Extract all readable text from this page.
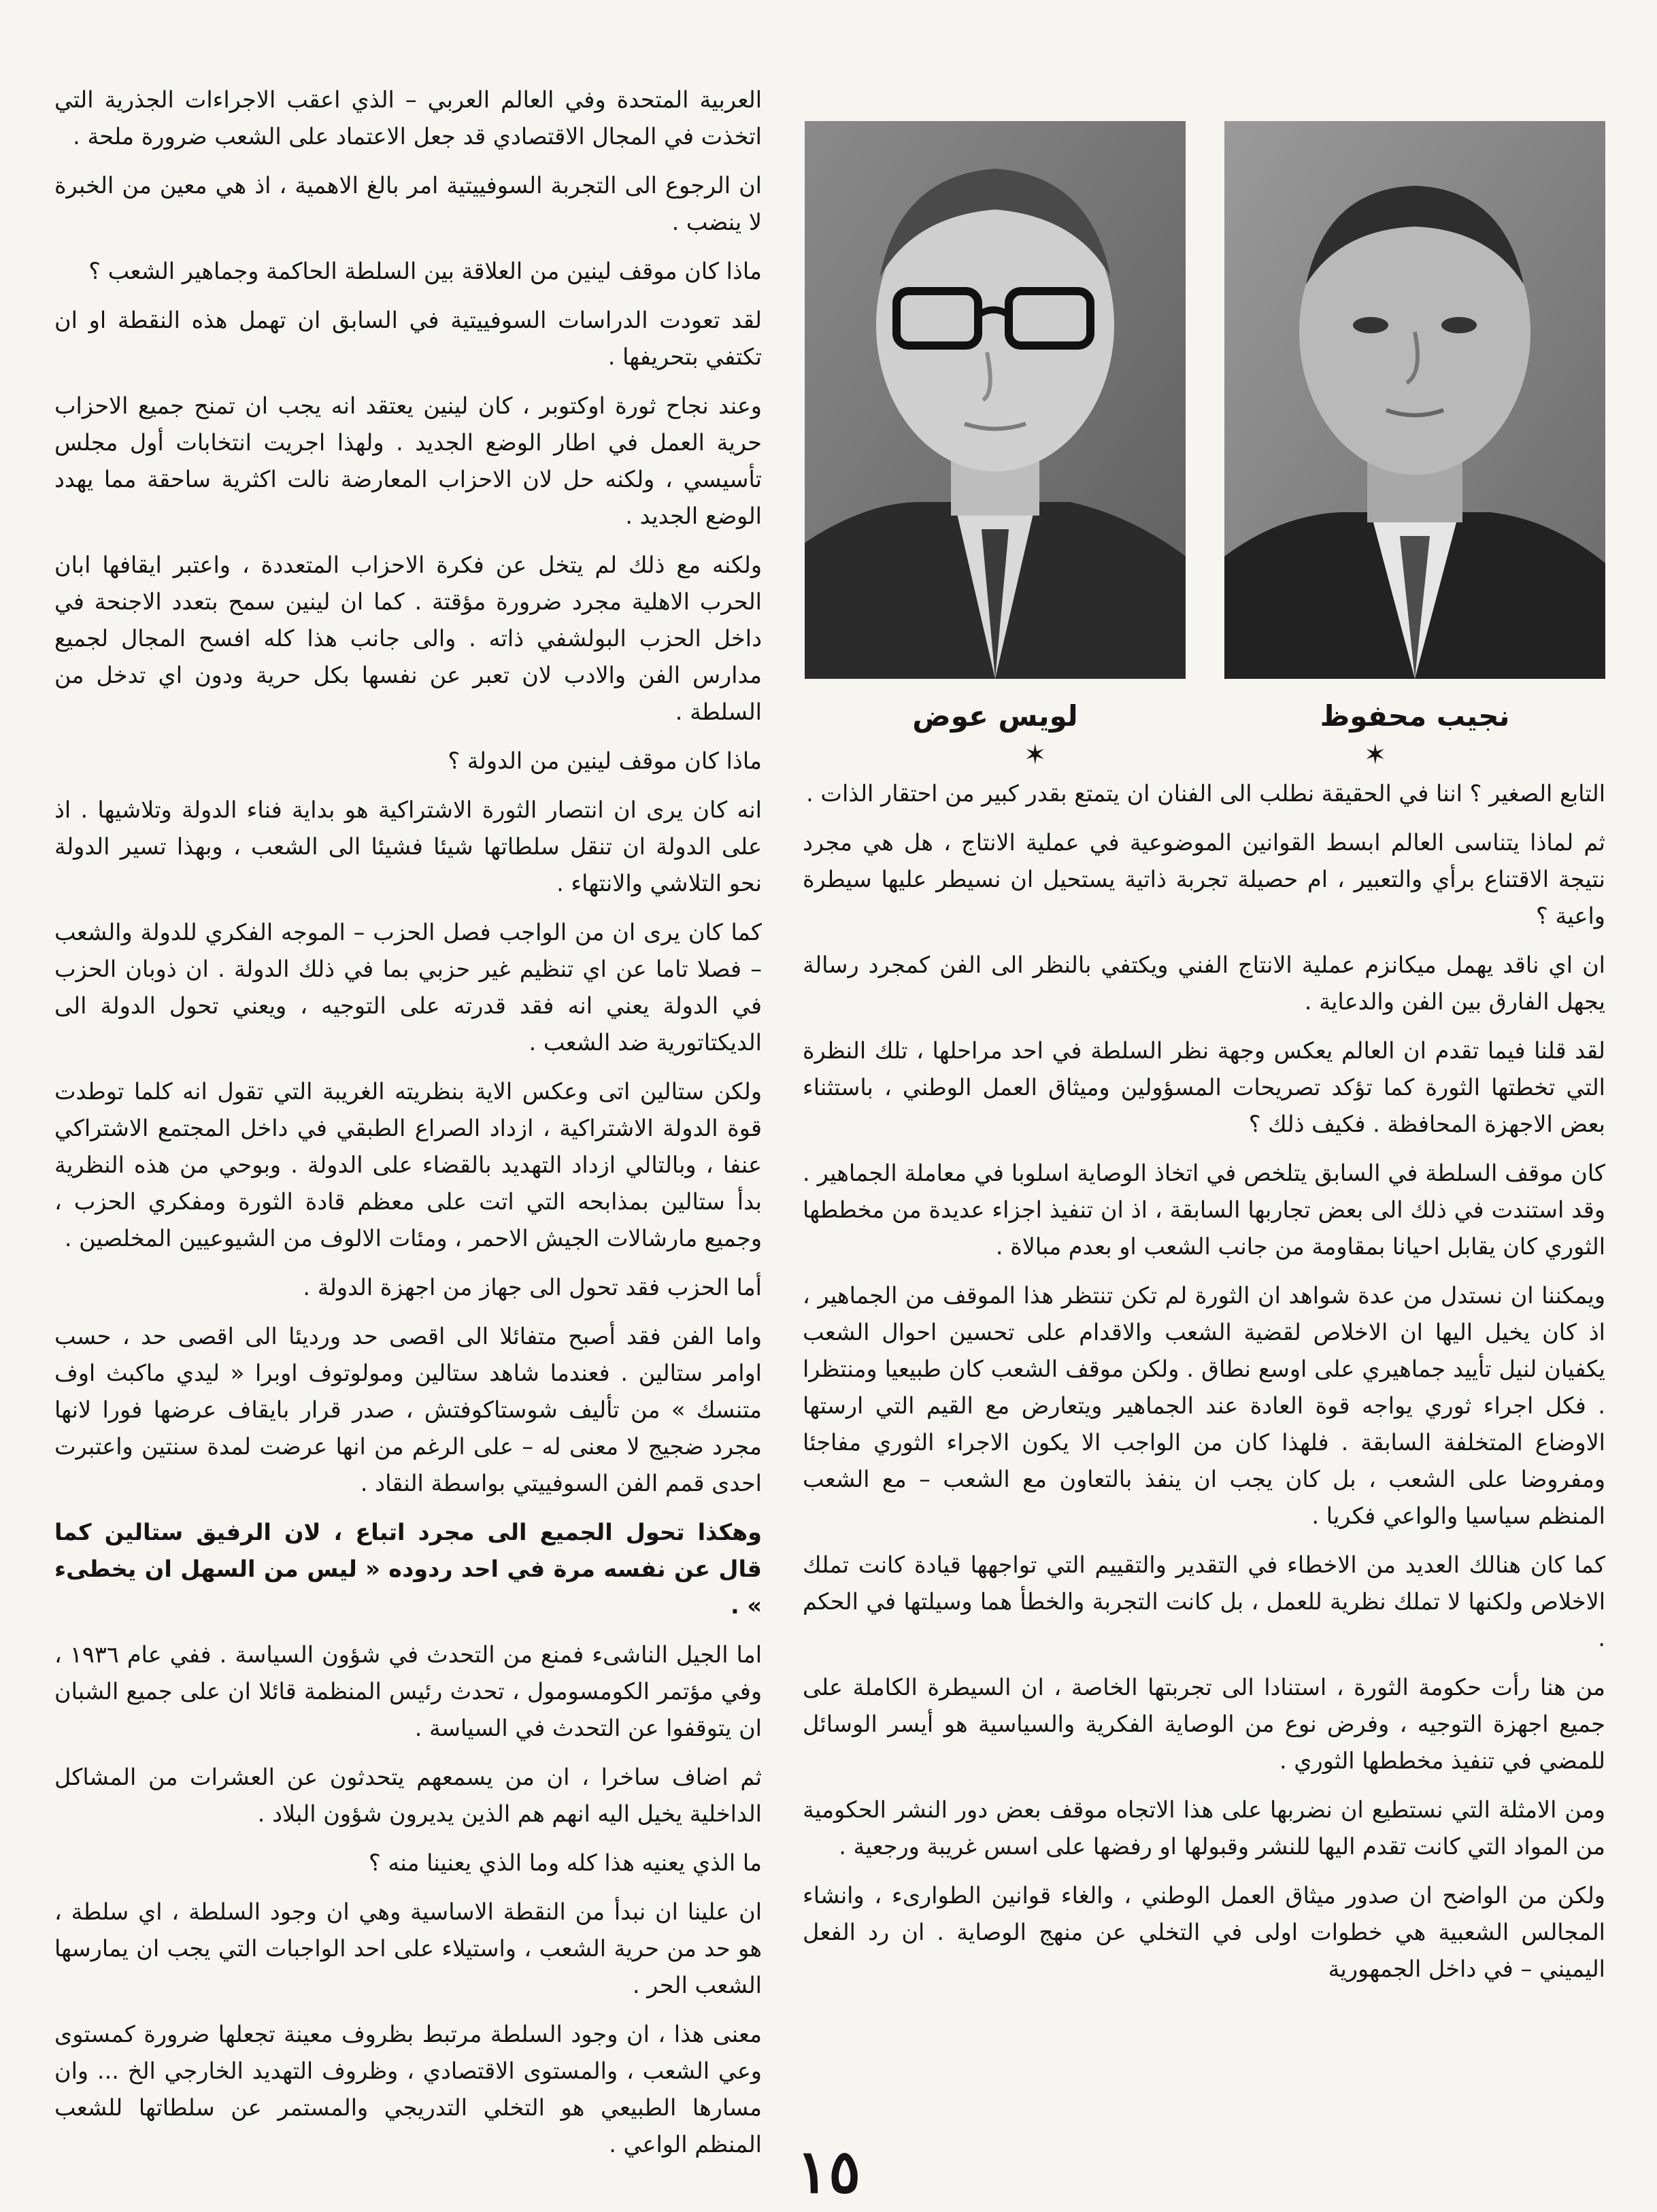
لويس عوض	نجيب محفوظ
✶	✶

العربية المتحدة وفي العالم العربي – الذي اعقب الاجراءات الجذرية التي اتخذت في المجال الاقتصادي قد جعل الاعتماد على الشعب ضرورة ملحة .

ان الرجوع الى التجربة السوفييتية امر بالغ الاهمية ، اذ هي معين من الخبرة لا ينضب .

ماذا كان موقف لينين من العلاقة بين السلطة الحاكمة وجماهير الشعب ؟

لقد تعودت الدراسات السوفييتية في السابق ان تهمل هذه النقطة او ان تكتفي بتحريفها .

وعند نجاح ثورة اوكتوبر ، كان لينين يعتقد انه يجب ان تمنح جميع الاحزاب حرية العمل في اطار الوضع الجديد . ولهذا اجريت انتخابات أول مجلس تأسيسي ، ولكنه حل لان الاحزاب المعارضة نالت اكثرية ساحقة مما يهدد الوضع الجديد .

ولكنه مع ذلك لم يتخل عن فكرة الاحزاب المتعددة ، واعتبر ايقافها ابان الحرب الاهلية مجرد ضرورة مؤقتة . كما ان لينين سمح بتعدد الاجنحة في داخل الحزب البولشفي ذاته . والى جانب هذا كله افسح المجال لجميع مدارس الفن والادب لان تعبر عن نفسها بكل حرية ودون اي تدخل من السلطة .

ماذا كان موقف لينين من الدولة ؟

انه كان يرى ان انتصار الثورة الاشتراكية هو بداية فناء الدولة وتلاشيها . اذ على الدولة ان تنقل سلطاتها شيئا فشيئا الى الشعب ، وبهذا تسير الدولة نحو التلاشي والانتهاء .

كما كان يرى ان من الواجب فصل الحزب – الموجه الفكري للدولة والشعب – فصلا تاما عن اي تنظيم غير حزبي بما في ذلك الدولة . ان ذوبان الحزب في الدولة يعني انه فقد قدرته على التوجيه ، ويعني تحول الدولة الى الديكتاتورية ضد الشعب .

ولكن ستالين اتى وعكس الاية بنظريته الغريبة التي تقول انه كلما توطدت قوة الدولة الاشتراكية ، ازداد الصراع الطبقي في داخل المجتمع الاشتراكي عنفا ، وبالتالي ازداد التهديد بالقضاء على الدولة . وبوحي من هذه النظرية بدأ ستالين بمذابحه التي اتت على معظم قادة الثورة ومفكري الحزب ، وجميع مارشالات الجيش الاحمر ، ومئات الالوف من الشيوعيين المخلصين .

أما الحزب فقد تحول الى جهاز من اجهزة الدولة .

واما الفن فقد أصبح متفائلا الى اقصى حد ورديئا الى اقصى حد ، حسب اوامر ستالين . فعندما شاهد ستالين ومولوتوف اوبرا « ليدي ماكبث اوف متنسك » من تأليف شوستاكوفتش ، صدر قرار بايقاف عرضها فورا لانها مجرد ضجيج لا معنى له – على الرغم من انها عرضت لمدة سنتين واعتبرت احدى قمم الفن السوفييتي بواسطة النقاد .

وهكذا تحول الجميع الى مجرد اتباع ، لان الرفيق ستالين كما قال عن نفسه مرة في احد ردوده « ليس من السهل ان يخطىء » .

اما الجيل الناشىء فمنع من التحدث في شؤون السياسة . ففي عام ١٩٣٦ ، وفي مؤتمر الكومسومول ، تحدث رئيس المنظمة قائلا ان على جميع الشبان ان يتوقفوا عن التحدث في السياسة .

ثم اضاف ساخرا ، ان من يسمعهم يتحدثون عن العشرات من المشاكل الداخلية يخيل اليه انهم هم الذين يديرون شؤون البلاد .

ما الذي يعنيه هذا كله وما الذي يعنينا منه ؟

ان علينا ان نبدأ من النقطة الاساسية وهي ان وجود السلطة ، اي سلطة ، هو حد من حرية الشعب ، واستيلاء على احد الواجبات التي يجب ان يمارسها الشعب الحر .

معنى هذا ، ان وجود السلطة مرتبط بظروف معينة تجعلها ضرورة كمستوى وعي الشعب ، والمستوى الاقتصادي ، وظروف التهديد الخارجي الخ ... وان مسارها الطبيعي هو التخلي التدريجي والمستمر عن سلطاتها للشعب المنظم الواعي .

التابع الصغير ؟ اننا في الحقيقة نطلب الى الفنان ان يتمتع بقدر كبير من احتقار الذات .

ثم لماذا يتناسى العالم ابسط القوانين الموضوعية في عملية الانتاج ، هل هي مجرد نتيجة الاقتناع برأي والتعبير ، ام حصيلة تجربة ذاتية يستحيل ان نسيطر عليها سيطرة واعية ؟

ان اي ناقد يهمل ميكانزم عملية الانتاج الفني ويكتفي بالنظر الى الفن كمجرد رسالة يجهل الفارق بين الفن والدعاية .

لقد قلنا فيما تقدم ان العالم يعكس وجهة نظر السلطة في احد مراحلها ، تلك النظرة التي تخطتها الثورة كما تؤكد تصريحات المسؤولين وميثاق العمل الوطني ، باستثناء بعض الاجهزة المحافظة . فكيف ذلك ؟

كان موقف السلطة في السابق يتلخص في اتخاذ الوصاية اسلوبا في معاملة الجماهير . وقد استندت في ذلك الى بعض تجاربها السابقة ، اذ ان تنفيذ اجزاء عديدة من مخططها الثوري كان يقابل احيانا بمقاومة من جانب الشعب او بعدم مبالاة .

ويمكننا ان نستدل من عدة شواهد ان الثورة لم تكن تنتظر هذا الموقف من الجماهير ، اذ كان يخيل اليها ان الاخلاص لقضية الشعب والاقدام على تحسين احوال الشعب يكفيان لنيل تأييد جماهيري على اوسع نطاق . ولكن موقف الشعب كان طبيعيا ومنتظرا . فكل اجراء ثوري يواجه قوة العادة عند الجماهير ويتعارض مع القيم التي ارستها الاوضاع المتخلفة السابقة . فلهذا كان من الواجب الا يكون الاجراء الثوري مفاجئا ومفروضا على الشعب ، بل كان يجب ان ينفذ بالتعاون مع الشعب – مع الشعب المنظم سياسيا والواعي فكريا .

كما كان هنالك العديد من الاخطاء في التقدير والتقييم التي تواجهها قيادة كانت تملك الاخلاص ولكنها لا تملك نظرية للعمل ، بل كانت التجربة والخطأ هما وسيلتها في الحكم .

من هنا رأت حكومة الثورة ، استنادا الى تجربتها الخاصة ، ان السيطرة الكاملة على جميع اجهزة التوجيه ، وفرض نوع من الوصاية الفكرية والسياسية هو أيسر الوسائل للمضي في تنفيذ مخططها الثوري .

ومن الامثلة التي نستطيع ان نضربها على هذا الاتجاه موقف بعض دور النشر الحكومية من المواد التي كانت تقدم اليها للنشر وقبولها او رفضها على اسس غريبة ورجعية .

ولكن من الواضح ان صدور ميثاق العمل الوطني ، والغاء قوانين الطوارىء ، وانشاء المجالس الشعبية هي خطوات اولى في التخلي عن منهج الوصاية . ان رد الفعل اليميني – في داخل الجمهورية

١٥
